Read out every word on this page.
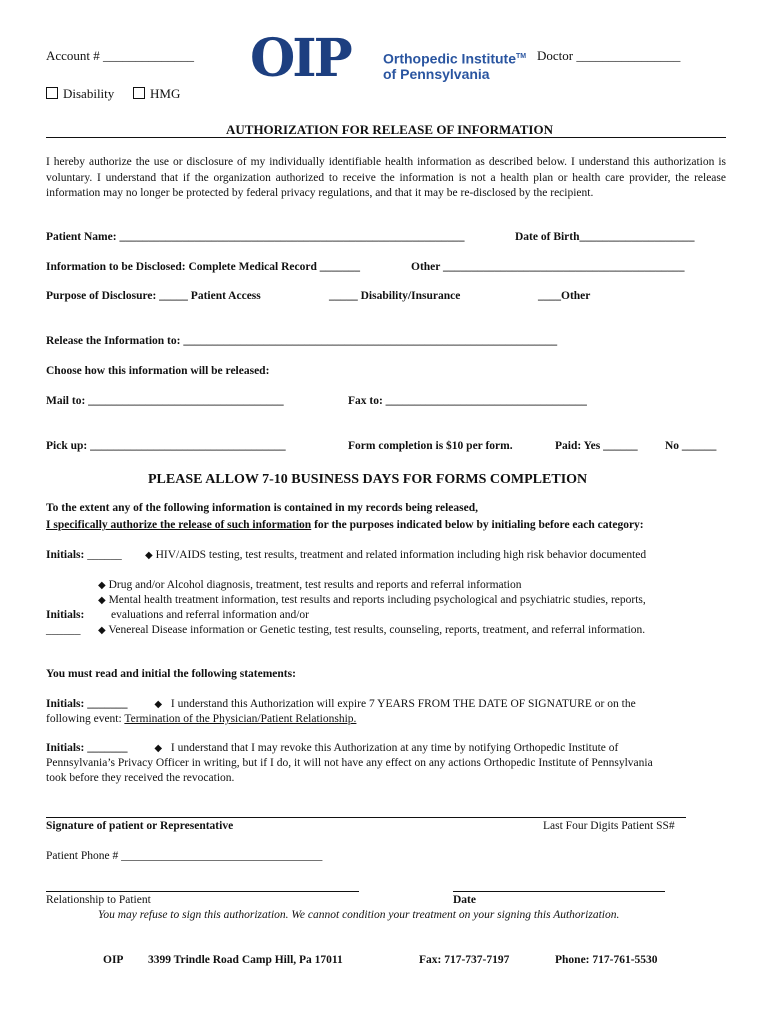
Account # ______________ OIP Orthopedic Institute™
of Pennsylvania
Doctor ________________
Disability	HMG
AUTHORIZATION FOR RELEASE OF INFORMATION
I hereby authorize the use or disclosure of my individually identifiable health information as described below. I understand this authorization is voluntary. I understand that if the organization authorized to receive the information is not a health plan or health care provider, the release information may no longer be protected by federal privacy regulations, and that it may be re-disclosed by the recipient.
Patient Name: ____________________________________________________________	Date of Birth____________________
Information to be Disclosed: Complete Medical Record _______	Other __________________________________________
Purpose of Disclosure: _____ Patient Access	_____ Disability/Insurance	____Other
Release the Information to: _________________________________________________________________
Choose how this information will be released:
Mail to: __________________________________	Fax to: ___________________________________
Pick up: __________________________________	Form completion is $10 per form.	Paid: Yes ______ No ______
PLEASE ALLOW 7-10 BUSINESS DAYS FOR FORMS COMPLETION
To the extent any of the following information is contained in my records being released,
I specifically authorize the release of such information for the purposes indicated below by initialing before each category:
Initials: ______ ◆ HIV/AIDS testing, test results, treatment and related information including high risk behavior documented
◆ Drug and/or Alcohol diagnosis, treatment, test results and reports and referral information
◆ Mental health treatment information, test results and reports including psychological and psychiatric studies, reports,
Initials: evaluations and referral information and/or
______ ◆ Venereal Disease information or Genetic testing, test results, counseling, reports, treatment, and referral information.
You must read and initial the following statements:
Initials: _______	◆ I understand this Authorization will expire 7 YEARS FROM THE DATE OF SIGNATURE or on the
following event: Termination of the Physician/Patient Relationship.
Initials: _______	◆ I understand that I may revoke this Authorization at any time by notifying Orthopedic Institute of
Pennsylvania’s Privacy Officer in writing, but if I do, it will not have any effect on any actions Orthopedic Institute of Pennsylvania
took before they received the revocation.
Signature of patient or Representative	Last Four Digits Patient SS#
Patient Phone # ___________________________________
Relationship to Patient	Date
You may refuse to sign this authorization. We cannot condition your treatment on your signing this Authorization.
OIP 3399 Trindle Road Camp Hill, Pa 17011	Fax: 717-737-7197	Phone: 717-761-5530
